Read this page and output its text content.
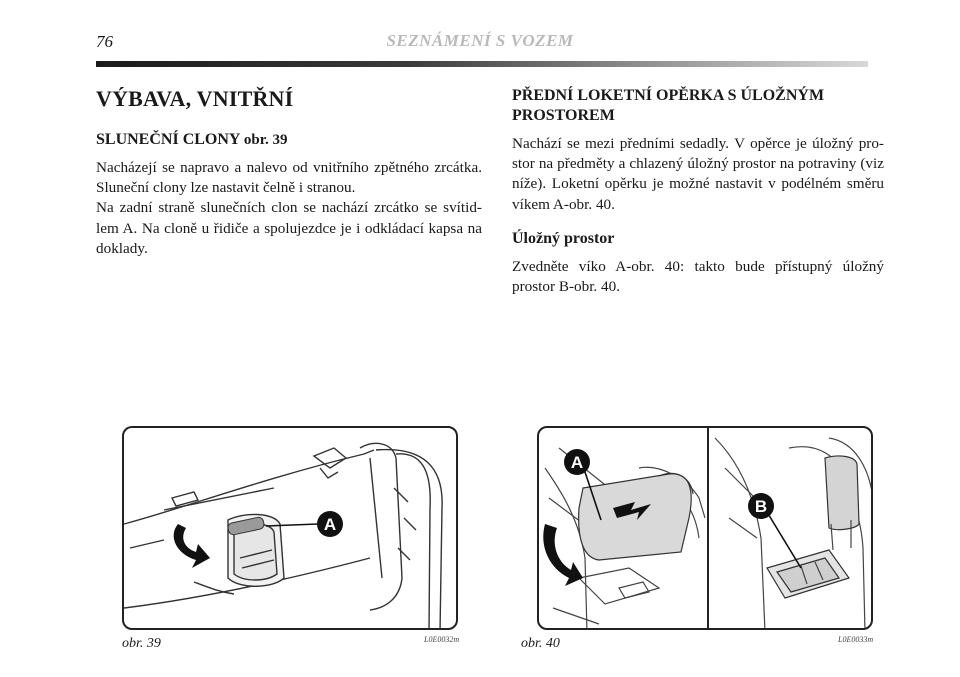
76	SEZNÁMENÍ S VOZEM
VÝBAVA, VNITŘNÍ
SLUNEČNÍ CLONY obr. 39

Nacházejí se napravo a nalevo od vnitřního zpětného zrcátka. Sluneční clony lze nastavit čelně i stranou.

Na zadní straně slunečních clon se nachází zrcátko se svítid-lem A. Na cloně u řidiče a spolujezdce je i odkládací kapsa na doklady.

PŘEDNÍ LOKETNÍ OPĚRKA S ÚLOŽNÝM PROSTOREM

Nachází se mezi předními sedadly. V opěrce je úložný pro-stor na předměty a chlazený úložný prostor na potraviny (viz níže). Loketní opěrku je možné nastavit v podélném směru víkem A-obr. 40.

Úložný prostor

Zvedněte víko A-obr. 40: takto bude přístupný úložný prostor B-obr. 40.

A
obr. 39	L0E0032m
A
B
obr. 40	L0E0033m
